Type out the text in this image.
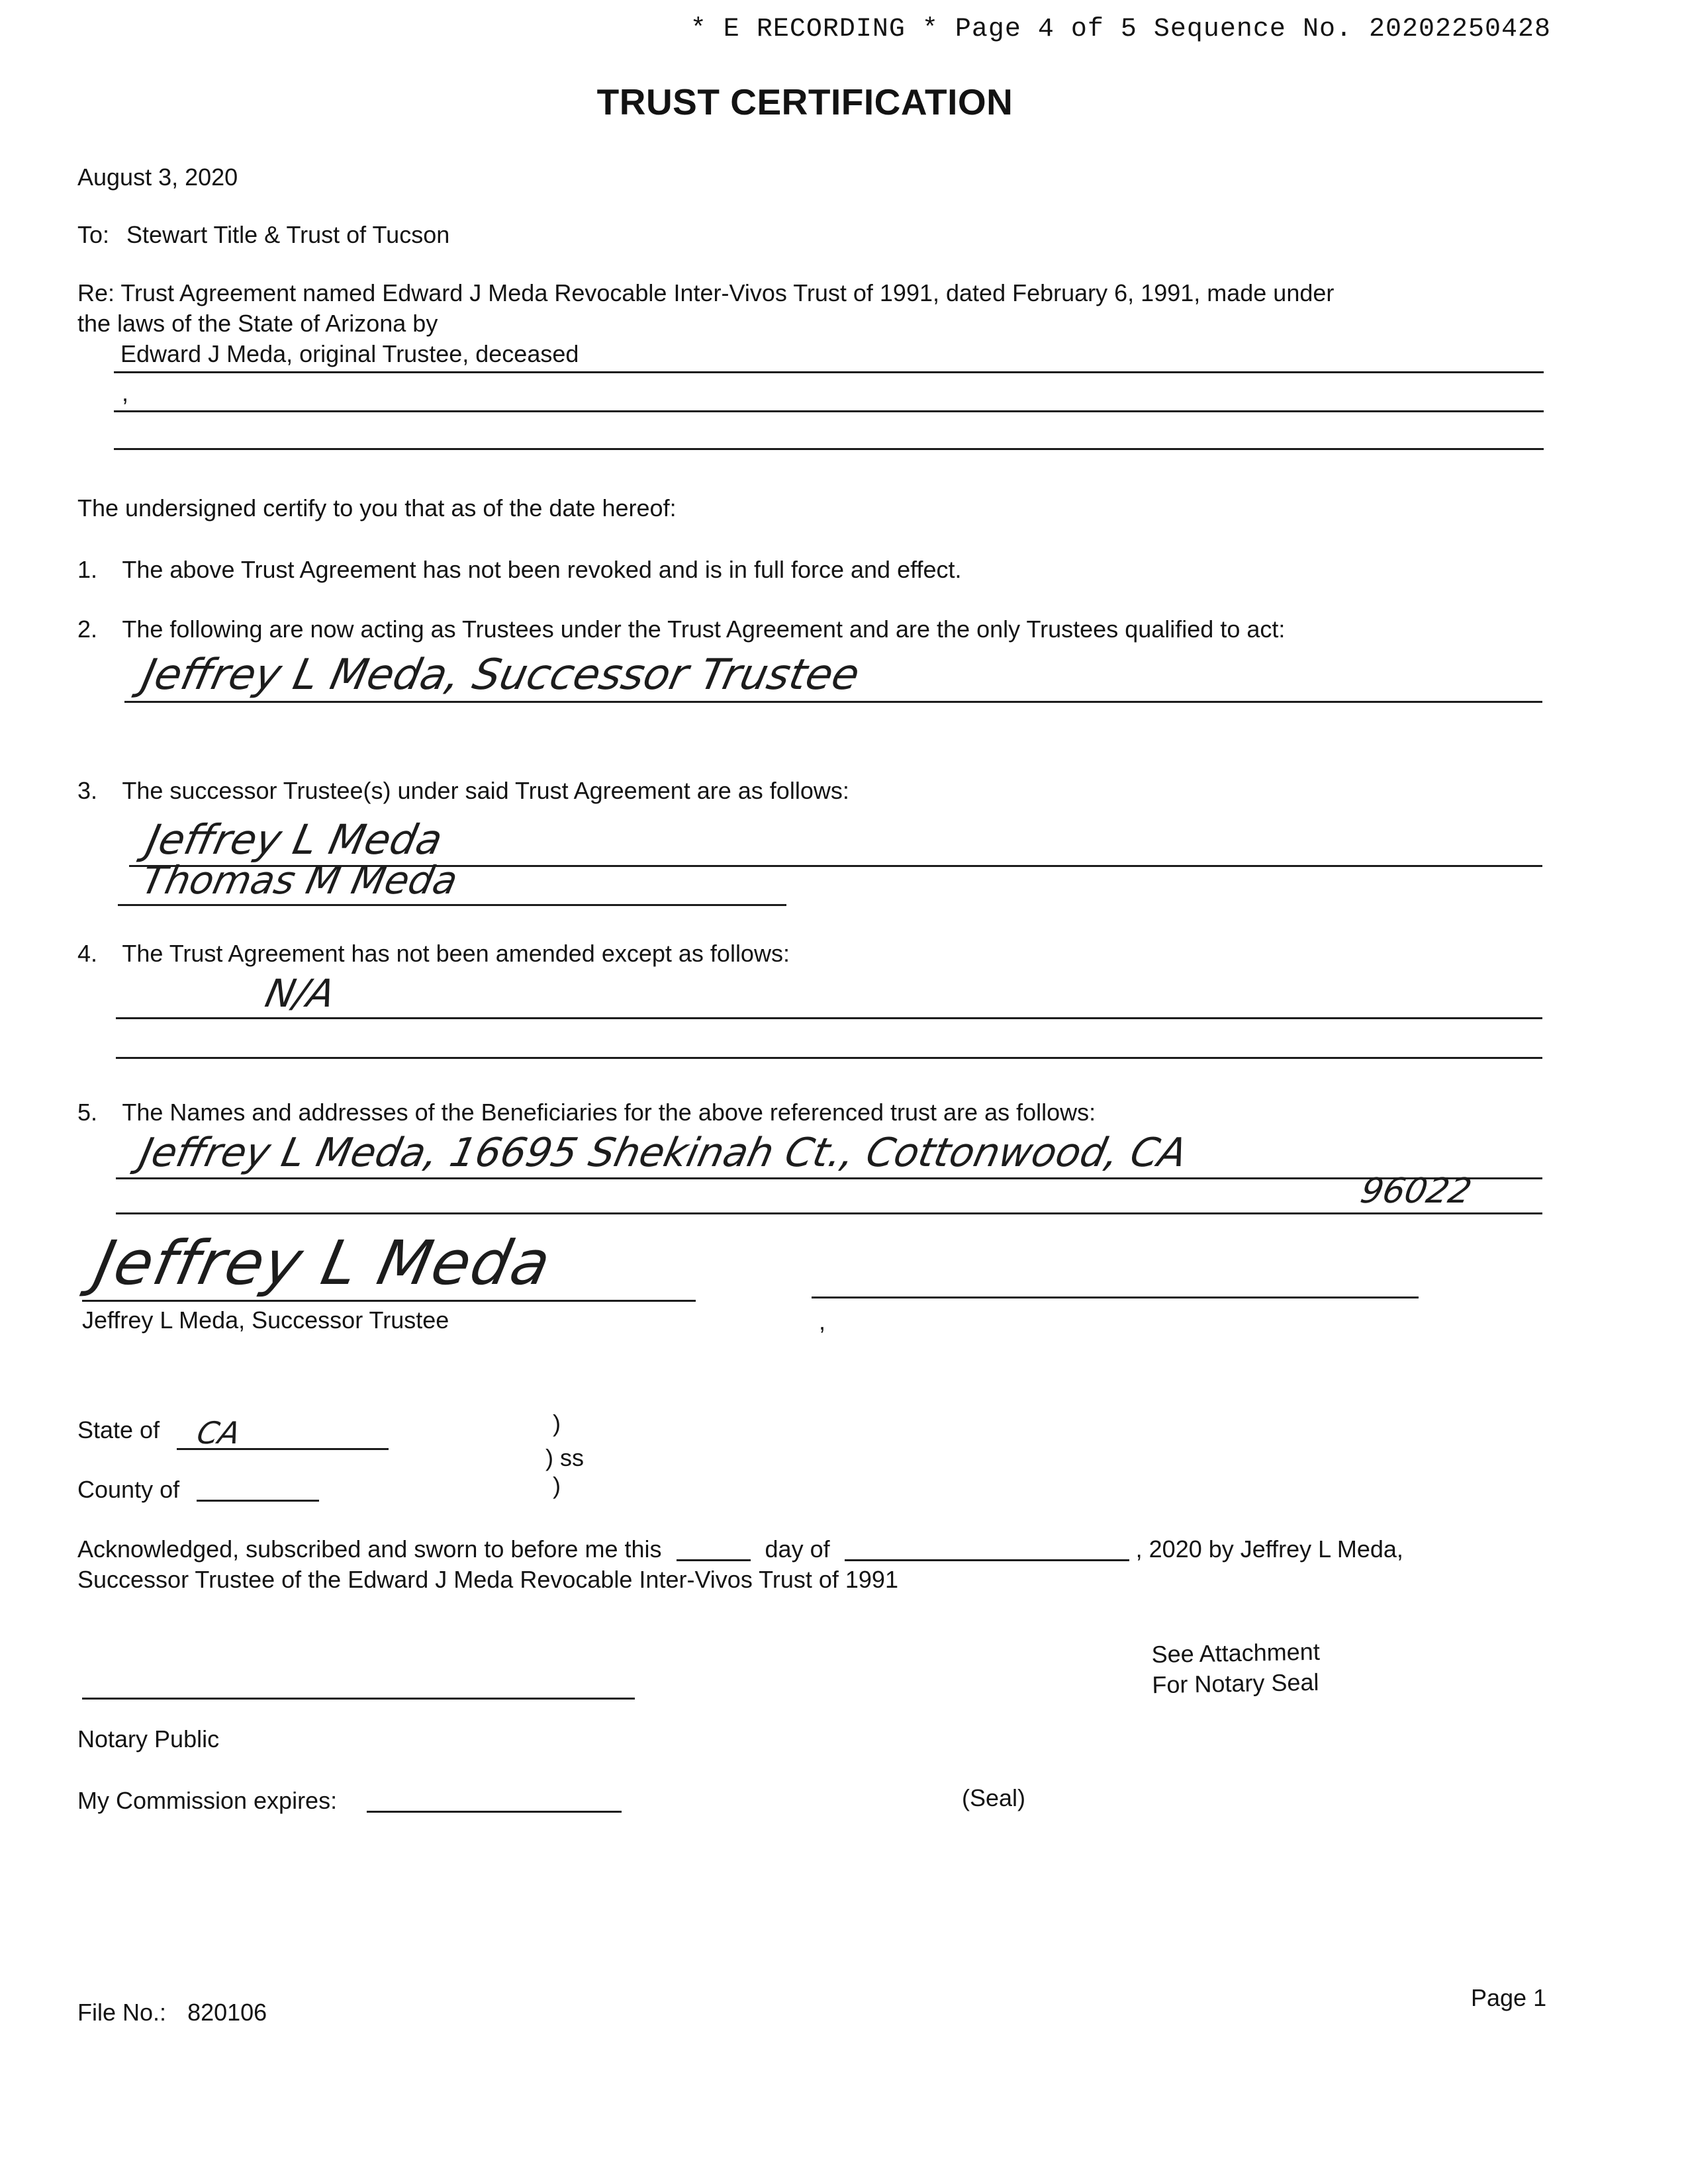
* E RECORDING * Page 4 of 5 Sequence No. 20202250428
TRUST CERTIFICATION
August 3, 2020
To: Stewart Title & Trust of Tucson
Re: Trust Agreement named Edward J Meda Revocable Inter-Vivos Trust of 1991, dated February 6, 1991, made under
the laws of the State of Arizona by
Edward J Meda, original Trustee, deceased
,
The undersigned certify to you that as of the date hereof:
1. The above Trust Agreement has not been revoked and is in full force and effect.
2. The following are now acting as Trustees under the Trust Agreement and are the only Trustees qualified to act:
Jeffrey L Meda, Successor Trustee
3. The successor Trustee(s) under said Trust Agreement are as follows:
Jeffrey L Meda
Thomas M Meda
4. The Trust Agreement has not been amended except as follows:
N/A
5. The Names and addresses of the Beneficiaries for the above referenced trust are as follows:
Jeffrey L Meda, 16695 Shekinah Ct., Cottonwood, CA
96022
Jeffrey L Meda
Jeffrey L Meda, Successor Trustee	,
State of CA	)
) ss
County of	)
Acknowledged, subscribed and sworn to before me this	day of	, 2020 by Jeffrey L Meda,
Successor Trustee of the Edward J Meda Revocable Inter-Vivos Trust of 1991
See Attachment
For Notary Seal
Notary Public
My Commission expires:	(Seal)
File No.: 820106
Page 1
